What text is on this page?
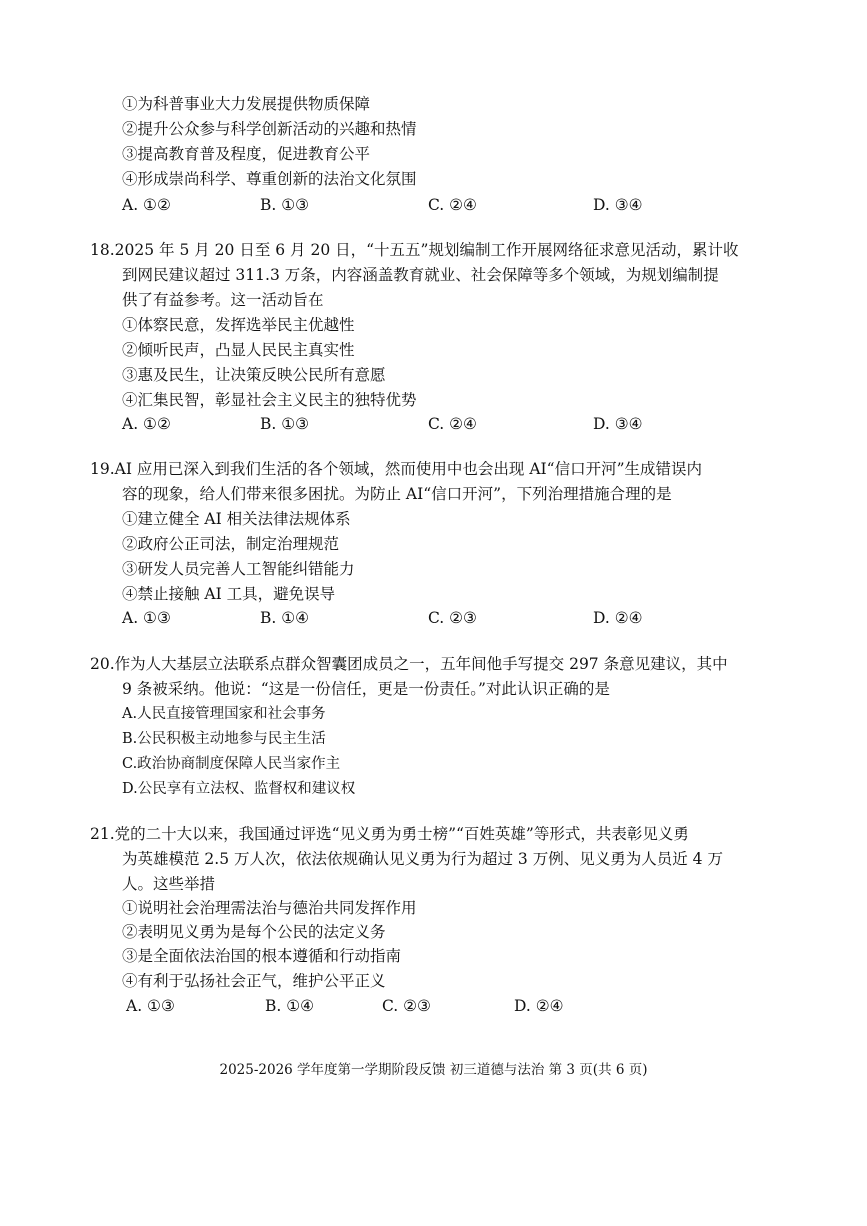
①为科普事业大力发展提供物质保障
②提升公众参与科学创新活动的兴趣和热情
③提高教育普及程度，促进教育公平
④形成崇尚科学、尊重创新的法治文化氛围
A. ①②	B. ①③	C. ②④	D. ③④
18.2025 年 5 月 20 日至 6 月 20 日，“十五五”规划编制工作开展网络征求意见活动，累计收
到网民建议超过 311.3 万条，内容涵盖教育就业、社会保障等多个领域，为规划编制提
供了有益参考。这一活动旨在
①体察民意，发挥选举民主优越性
②倾听民声，凸显人民民主真实性
③惠及民生，让决策反映公民所有意愿
④汇集民智，彰显社会主义民主的独特优势
A. ①②	B. ①③	C. ②④	D. ③④
19.AI 应用已深入到我们生活的各个领域，然而使用中也会出现 AI“信口开河”生成错误内
容的现象，给人们带来很多困扰。为防止 AI“信口开河”，下列治理措施合理的是
①建立健全 AI 相关法律法规体系
②政府公正司法，制定治理规范
③研发人员完善人工智能纠错能力
④禁止接触 AI 工具，避免误导
A. ①③	B. ①④	C. ②③	D. ②④
20.作为人大基层立法联系点群众智囊团成员之一，五年间他手写提交 297 条意见建议，其中
9 条被采纳。他说：“这是一份信任，更是一份责任。”对此认识正确的是
A.人民直接管理国家和社会事务
B.公民积极主动地参与民主生活
C.政治协商制度保障人民当家作主
D.公民享有立法权、监督权和建议权
21.党的二十大以来，我国通过评选“见义勇为勇士榜”“百姓英雄”等形式，共表彰见义勇
为英雄模范 2.5 万人次，依法依规确认见义勇为行为超过 3 万例、见义勇为人员近 4 万
人。这些举措
①说明社会治理需法治与德治共同发挥作用
②表明见义勇为是每个公民的法定义务
③是全面依法治国的根本遵循和行动指南
④有利于弘扬社会正气，维护公平正义
A. ①③	B. ①④	C. ②③	D. ②④
2025-2026 学年度第一学期阶段反馈 初三道德与法治 第 3 页(共 6 页)
